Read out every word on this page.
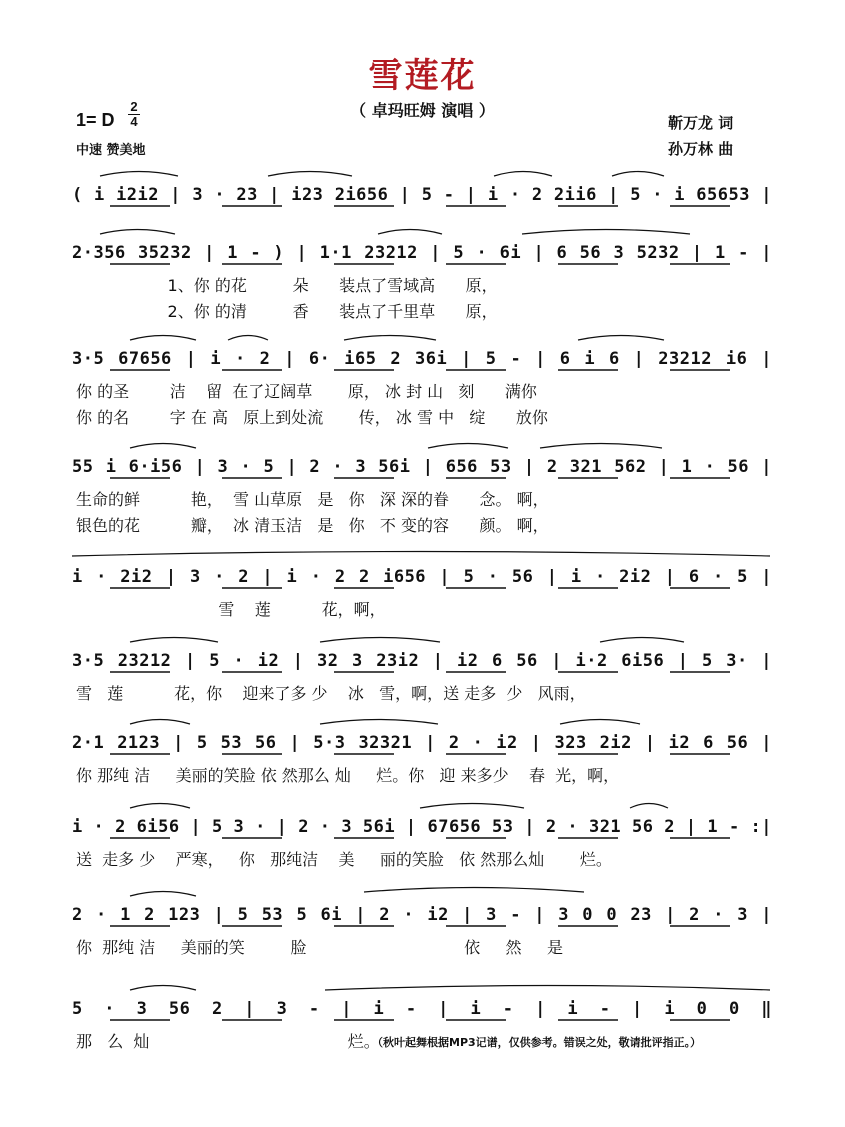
雪莲花
（ 卓玛旺姆 演唱 ）
1= D
2
4
中速 赞美地
靳万龙 词
孙万林 曲
( i i2i2 | 3 · 23 | i23 2i656 | 5 - | i · 2 2ii6 | 5 · i 65653 |
2·356 35232 | 1 - ) | 1·1 23212 | 5 · 6i | 6 56 3 5232 | 1 - |
1、你 的花         朵      装点了雪域高      原，
2、你 的清         香      装点了千里草      原，
3·5 67656 | i · 2 | 6· i65 2 36i | 5 - | 6 i 6 | 23212 i6 |
你 的圣        洁    留  在了辽阔草       原， 冰 封 山   刻      满你
你 的名        字 在 高   原上到处流       传， 冰 雪 中   绽      放你
55 i 6·i56 | 3 · 5 | 2 · 3 56i | 656 53 | 2 321 562 | 1 · 56 |
生命的鲜          艳，  雪 山草原   是   你   深 深的眷      念。 啊，
银色的花          瓣，  冰 清玉洁   是   你   不 变的容      颜。 啊，
i · 2i2 | 3 · 2 | i · 2 2 i656 | 5 · 56 | i · 2i2 | 6 · 5 |
雪    莲          花，啊，
3·5 23212 | 5 · i2 | 32 3 23i2 | i2 6 56 | i·2 6i56 | 5 3· |
雪   莲          花，你    迎来了多 少    冰   雪，啊，送 走多  少   风雨，
2·1 2123 | 5 53 56 | 5·3 32321 | 2 · i2 | 323 2i2 | i2 6 56 |
你 那纯 洁     美丽的笑脸 依 然那么 灿     烂。你   迎 来多少    春  光，啊，
i · 2 6i56 | 5 3 · | 2 · 3 56i | 67656 53 | 2 · 321 56 2 | 1 - :|
送  走多 少    严寒，   你   那纯洁    美     丽的笑脸   依 然那么灿       烂。
2 · 1 2 123 | 5 53 5 6i | 2 · i2 | 3 - | 3 0 0 23 | 2 · 3 |
你  那纯 洁     美丽的笑         脸                               依     然     是
5 · 3 56 2 | 3 - | i - | i - | i - | i 0 0 ‖
那   么  灿                                       烂。
（秋叶起舞根据MP3记谱，仅供参考。错误之处，敬请批评指正。）
